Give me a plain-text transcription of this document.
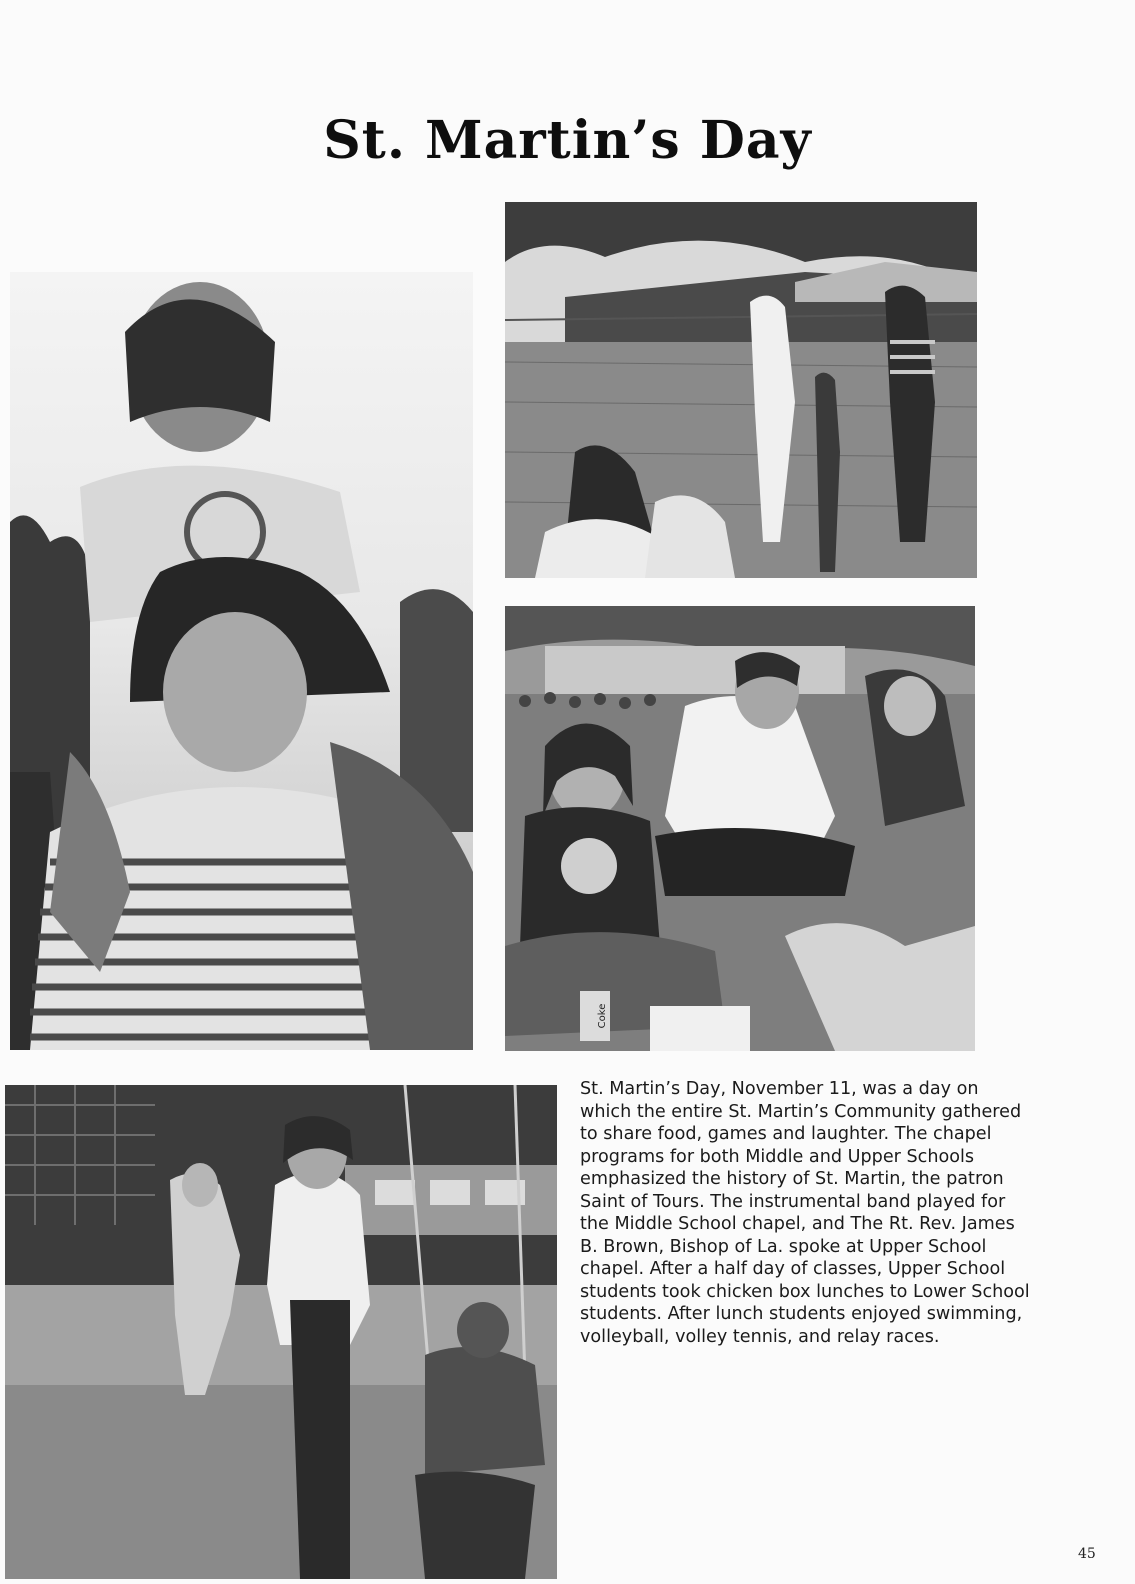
St. Martin’s Day
Coke

St. Martin’s Day, November 11, was a day on which the entire St. Martin’s Community gathered to share food, games and laughter. The chapel programs for both Middle and Upper Schools emphasized the history of St. Martin, the patron Saint of Tours. The instrumental band played for the Middle School chapel, and The Rt. Rev. James B. Brown, Bishop of La. spoke at Upper School chapel. After a half day of classes, Upper School students took chicken box lunches to Lower School students. After lunch students enjoyed swimming, volleyball, volley tennis, and relay races.

45
